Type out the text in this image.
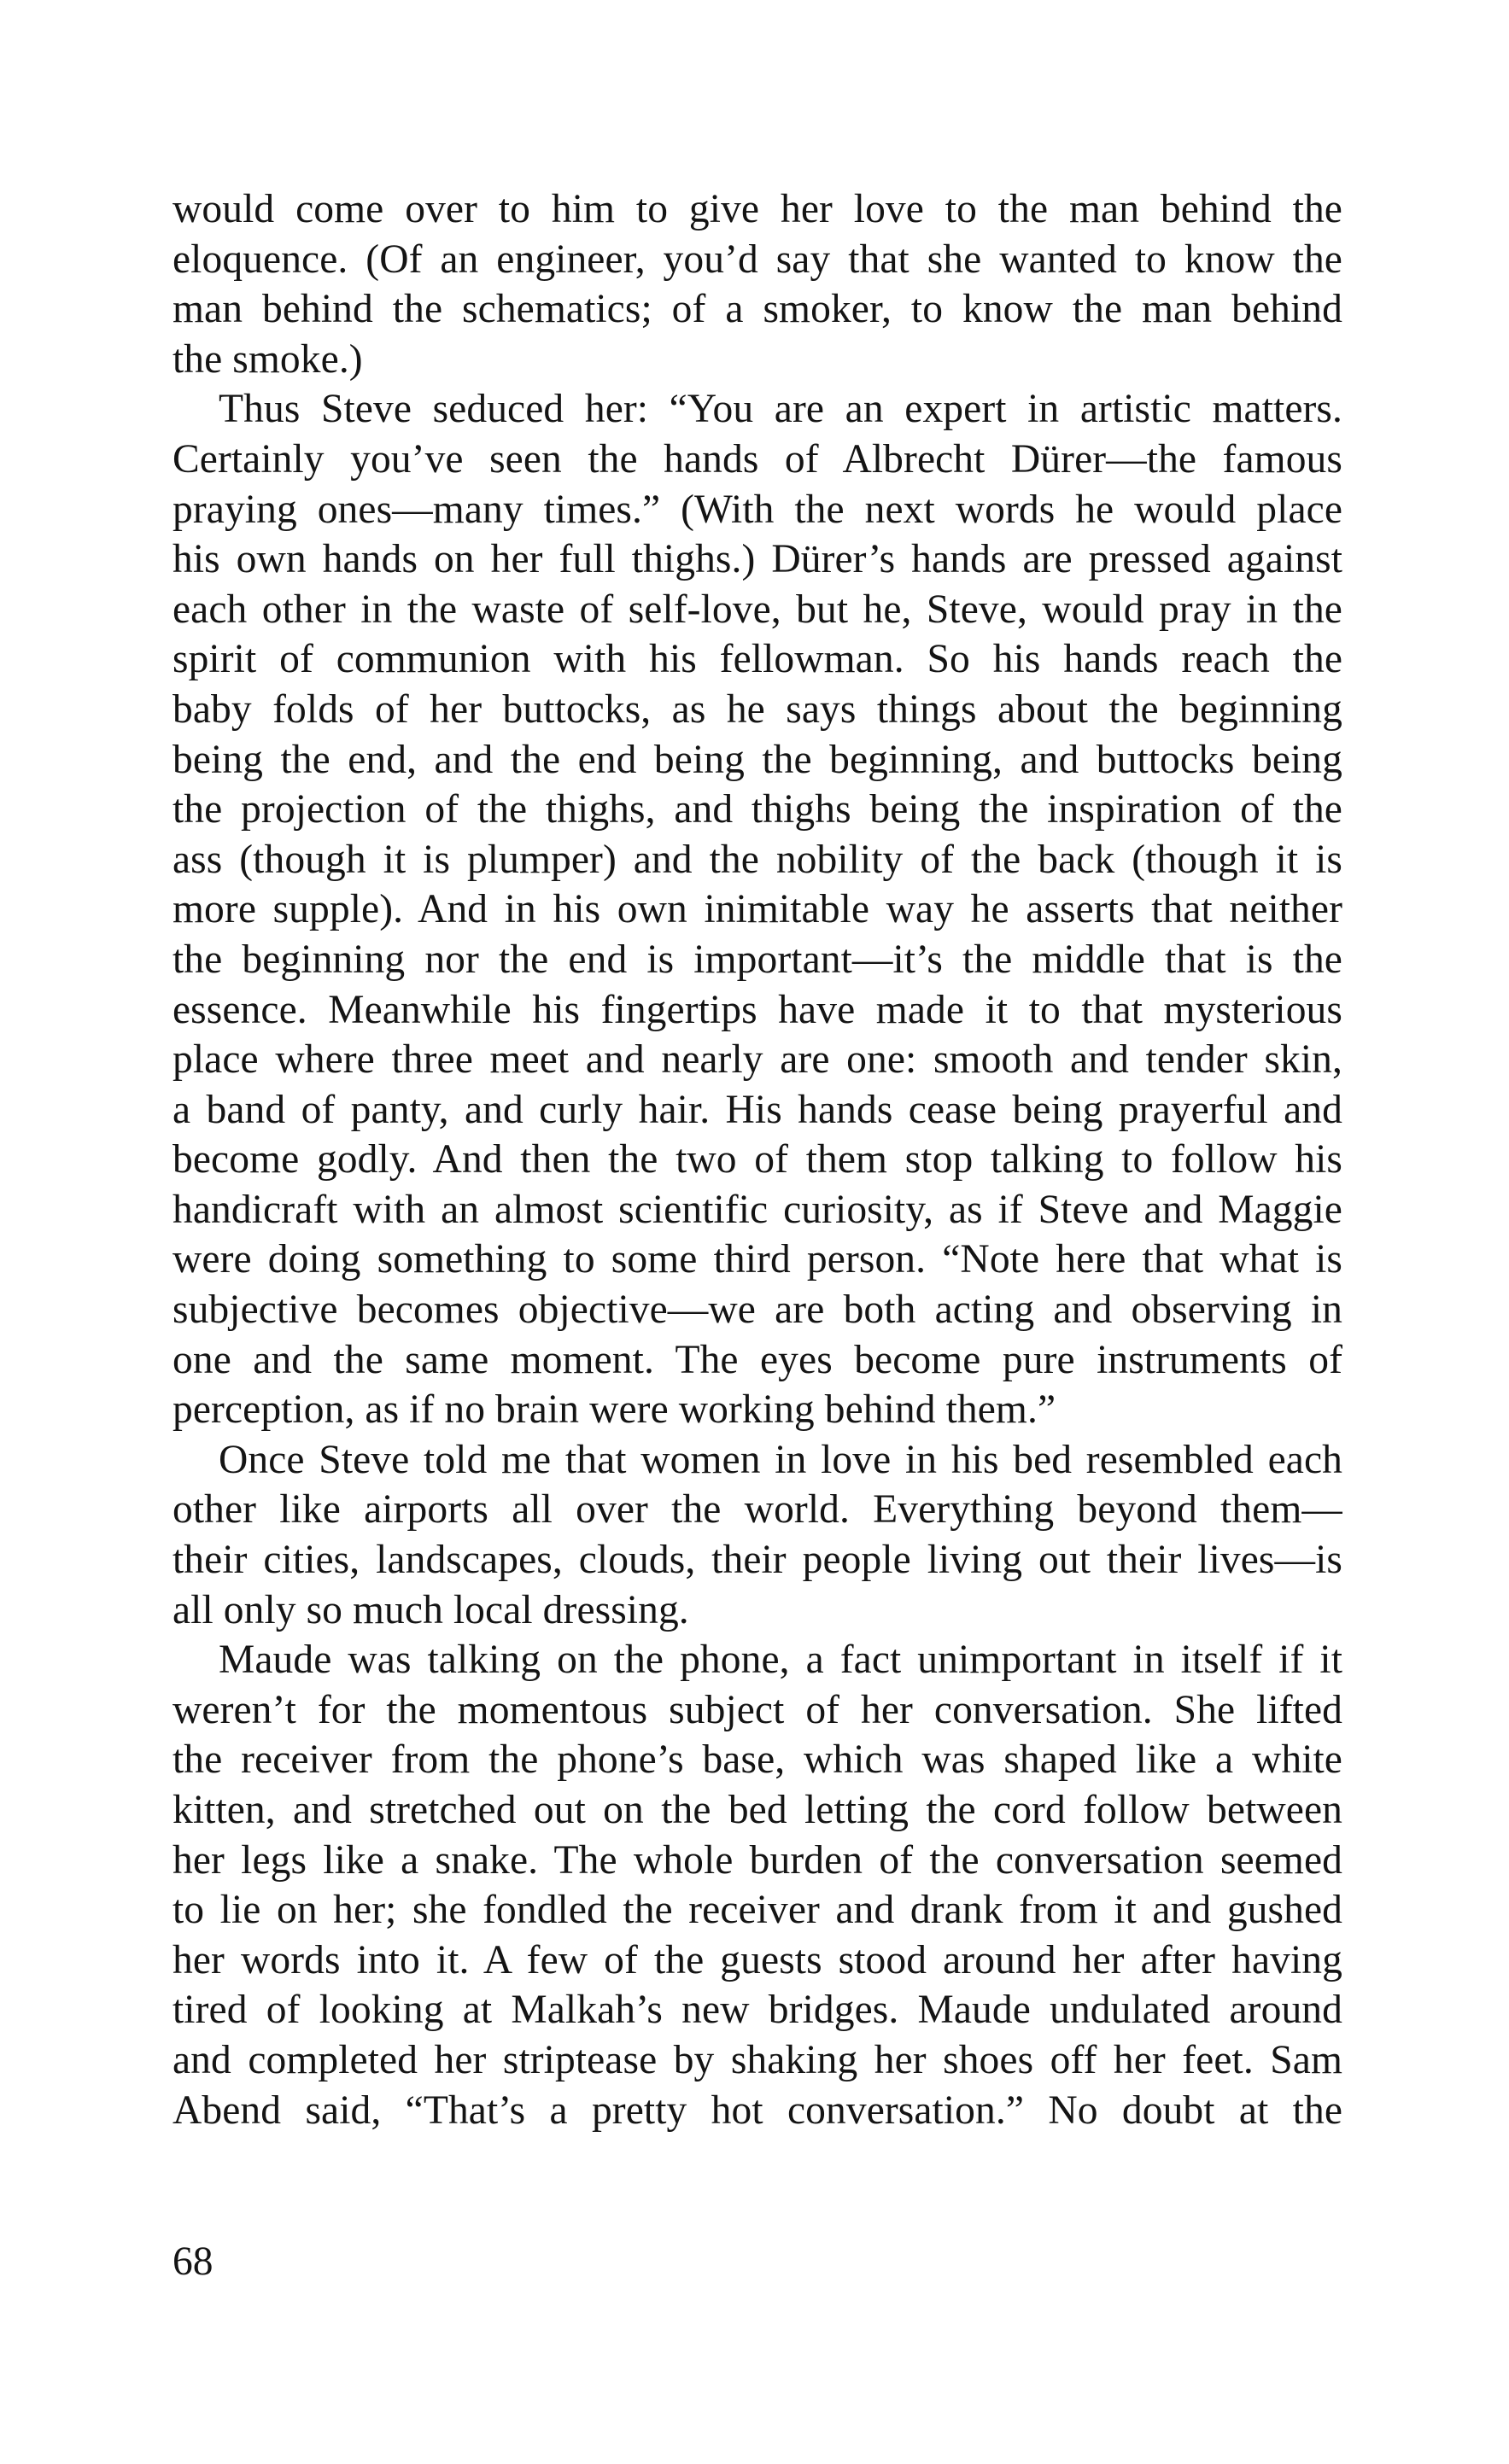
would come over to him to give her love to the man behind the
eloquence. (Of an engineer, you’d say that she wanted to know the
man behind the schematics; of a smoker, to know the man behind
the smoke.)
Thus Steve seduced her: “You are an expert in artistic matters.
Certainly you’ve seen the hands of Albrecht Dürer—the famous
praying ones—many times.” (With the next words he would place
his own hands on her full thighs.) Dürer’s hands are pressed against
each other in the waste of self-love, but he, Steve, would pray in the
spirit of communion with his fellowman. So his hands reach the
baby folds of her buttocks, as he says things about the beginning
being the end, and the end being the beginning, and buttocks being
the projection of the thighs, and thighs being the inspiration of the
ass (though it is plumper) and the nobility of the back (though it is
more supple). And in his own inimitable way he asserts that neither
the beginning nor the end is important—it’s the middle that is the
essence. Meanwhile his fingertips have made it to that mysterious
place where three meet and nearly are one: smooth and tender skin,
a band of panty, and curly hair. His hands cease being prayerful and
become godly. And then the two of them stop talking to follow his
handicraft with an almost scientific curiosity, as if Steve and Maggie
were doing something to some third person. “Note here that what is
subjective becomes objective—we are both acting and observing in
one and the same moment. The eyes become pure instruments of
perception, as if no brain were working behind them.”
Once Steve told me that women in love in his bed resembled each
other like airports all over the world. Everything beyond them—
their cities, landscapes, clouds, their people living out their lives—is
all only so much local dressing.
Maude was talking on the phone, a fact unimportant in itself if it
weren’t for the momentous subject of her conversation. She lifted
the receiver from the phone’s base, which was shaped like a white
kitten, and stretched out on the bed letting the cord follow between
her legs like a snake. The whole burden of the conversation seemed
to lie on her; she fondled the receiver and drank from it and gushed
her words into it. A few of the guests stood around her after having
tired of looking at Malkah’s new bridges. Maude undulated around
and completed her striptease by shaking her shoes off her feet. Sam
Abend said, “That’s a pretty hot conversation.” No doubt at the
68
